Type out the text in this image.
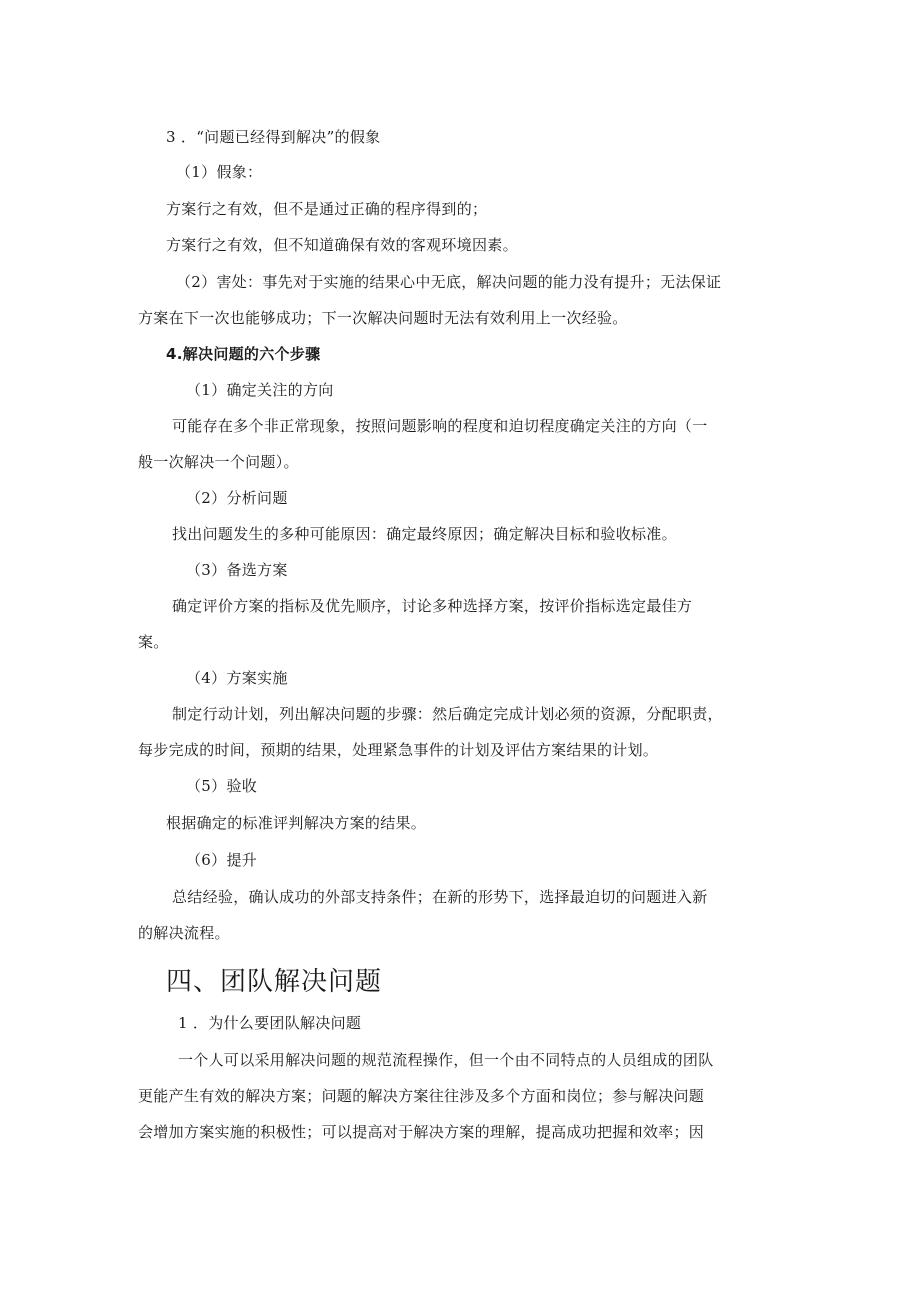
3 ．“问题已经得到解决”的假象
（1）假象：
方案行之有效，但不是通过正确的程序得到的；
方案行之有效，但不知道确保有效的客观环境因素。
（2）害处：事先对于实施的结果心中无底，解决问题的能力没有提升；无法保证
方案在下一次也能够成功；下一次解决问题时无法有效利用上一次经验。
4.解决问题的六个步骤
（1）确定关注的方向
可能存在多个非正常现象，按照问题影响的程度和迫切程度确定关注的方向（一
般一次解决一个问题）。
（2）分析问题
找出问题发生的多种可能原因：确定最终原因；确定解决目标和验收标准。
（3）备选方案
确定评价方案的指标及优先顺序，讨论多种选择方案，按评价指标选定最佳方
案。
（4）方案实施
制定行动计划，列出解决问题的步骤：然后确定完成计划必须的资源，分配职责，
每步完成的时间，预期的结果，处理紧急事件的计划及评估方案结果的计划。
（5）验收
根据确定的标准评判解决方案的结果。
（6）提升
总结经验，确认成功的外部支持条件；在新的形势下，选择最迫切的问题进入新
的解决流程。
四、团队解决问题
1 ．为什么要团队解决问题
一个人可以采用解决问题的规范流程操作，但一个由不同特点的人员组成的团队
更能产生有效的解决方案；问题的解决方案往往涉及多个方面和岗位；参与解决问题
会增加方案实施的积极性；可以提高对于解决方案的理解，提高成功把握和效率；因
